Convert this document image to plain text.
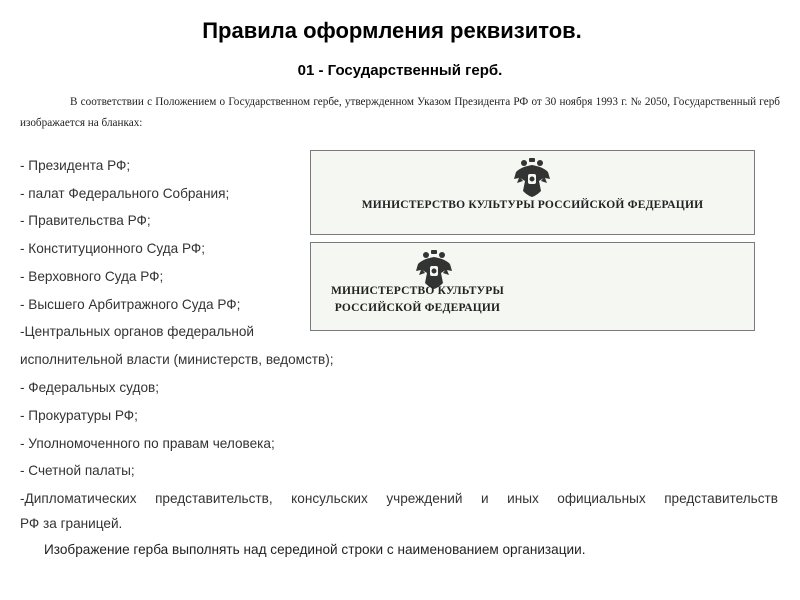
Правила оформления реквизитов.
01 - Государственный герб.
В соответствии с Положением о Государственном гербе, утвержденном Указом Президента РФ от 30 ноября 1993 г. № 2050, Государственный герб изображается на бланках:
- Президента РФ;
- палат Федерального Собрания;
- Правительства РФ;
- Конституционного Суда РФ;
- Верховного Суда РФ;
- Высшего Арбитражного Суда РФ;
-Центральных органов федеральной
исполнительной власти (министерств, ведомств);
- Федеральных судов;
- Прокуратуры РФ;
- Уполномоченного по правам человека;
- Счетной палаты;
-Дипломатических представительств, консульских учреждений и иных официальных представительств
РФ за границей.
Изображение герба выполнять над серединой строки с наименованием организации.
МИНИСТЕРСТВО КУЛЬТУРЫ РОССИЙСКОЙ ФЕДЕРАЦИИ
МИНИСТЕРСТВО КУЛЬТУРЫ
РОССИЙСКОЙ ФЕДЕРАЦИИ
